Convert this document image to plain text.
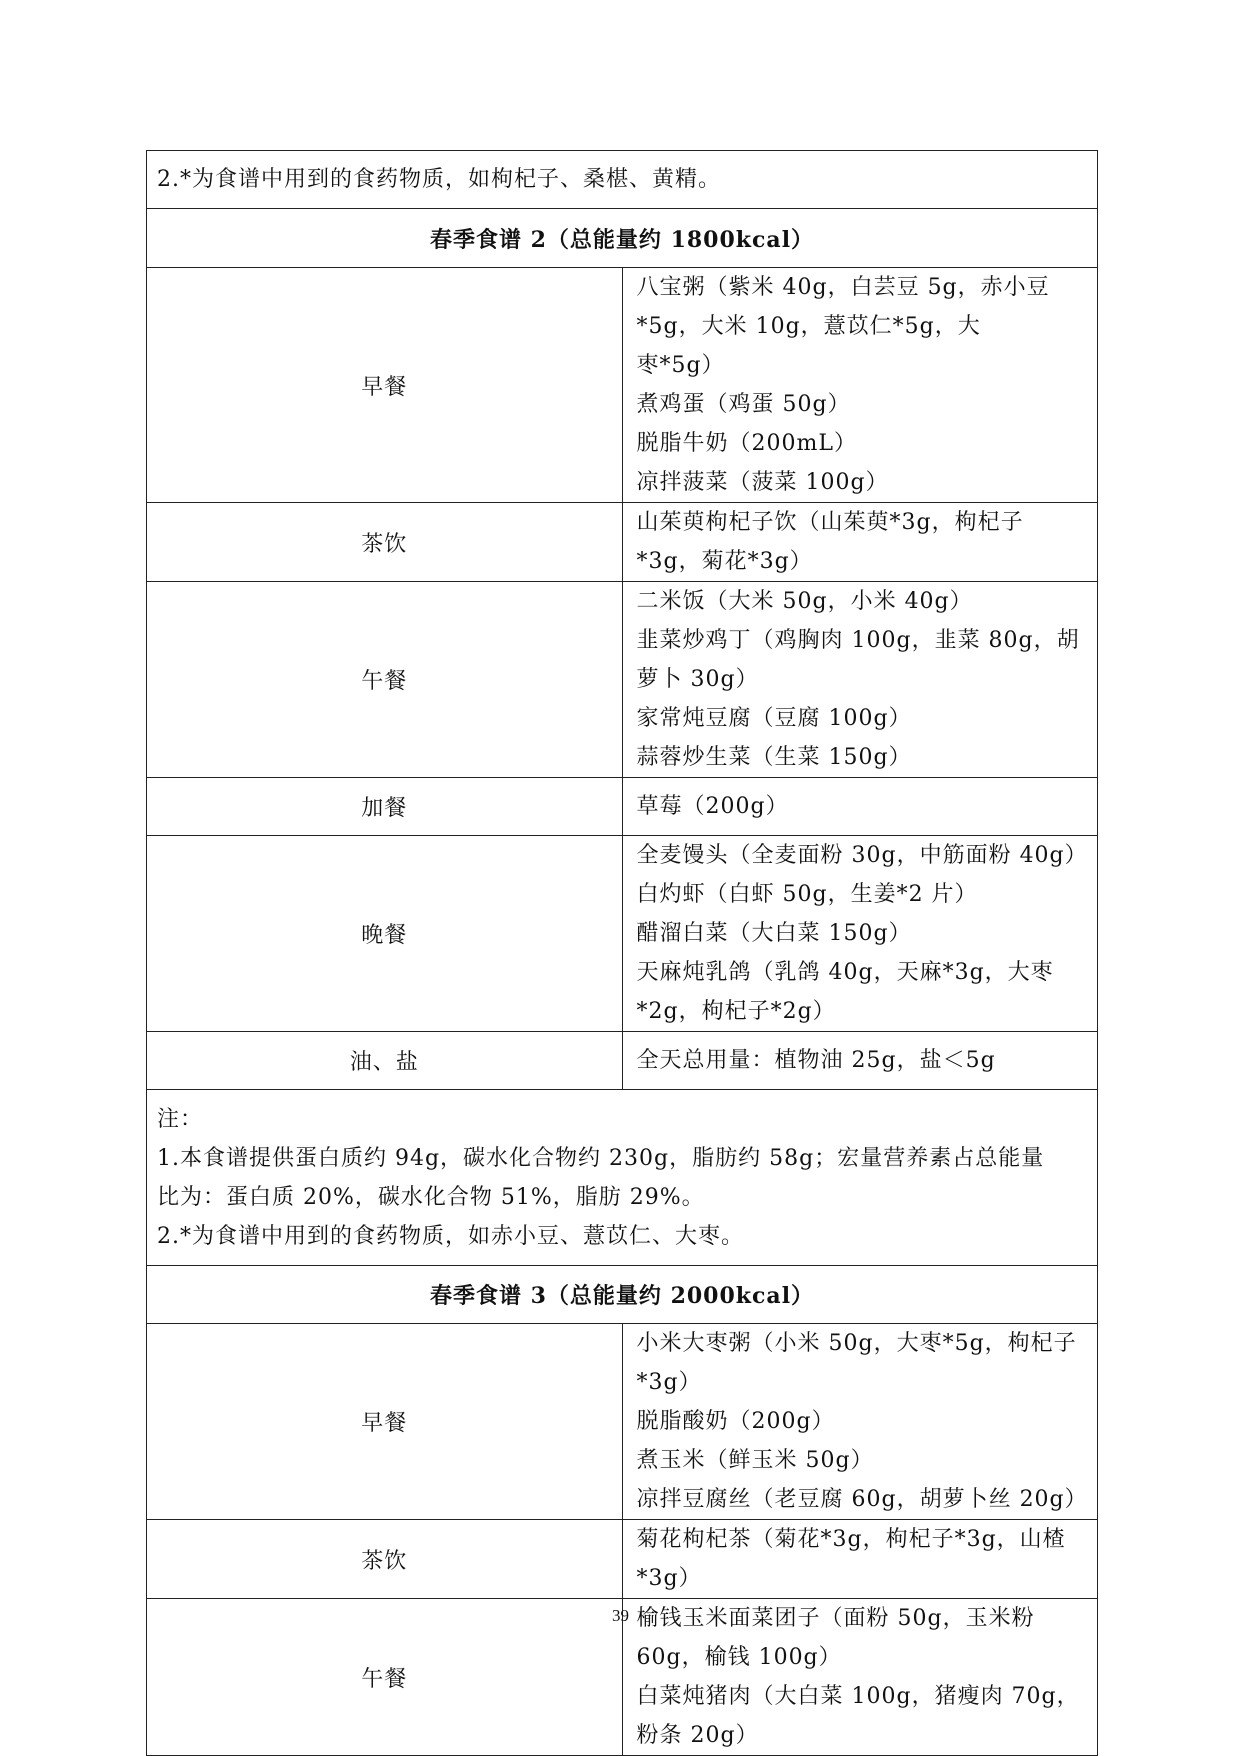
2.*为食谱中用到的食药物质，如枸杞子、桑椹、黄精。	

春季食谱 2（总能量约 1800kcal）	
早餐	八宝粥（紫米 40g，白芸豆 5g，赤小豆*5g，大米 10g，薏苡仁*5g，大
枣*5g）
煮鸡蛋（鸡蛋 50g）
脱脂牛奶（200mL）
凉拌菠菜（菠菜 100g）

茶饮	山茱萸枸杞子饮（山茱萸*3g，枸杞子*3g，菊花*3g）

午餐	二米饭（大米 50g，小米 40g）
韭菜炒鸡丁（鸡胸肉 100g，韭菜 80g，胡萝卜 30g）
家常炖豆腐（豆腐 100g）
蒜蓉炒生菜（生菜 150g）

加餐	草莓（200g）

晚餐	全麦馒头（全麦面粉 30g，中筋面粉 40g）
白灼虾（白虾 50g，生姜*2 片）
醋溜白菜（大白菜 150g）
天麻炖乳鸽（乳鸽 40g，天麻*3g，大枣*2g，枸杞子*2g）

油、盐	全天总用量：植物油 25g，盐＜5g

注：
1.本食谱提供蛋白质约 94g，碳水化合物约 230g，脂肪约 58g；宏量营养素占总能量
比为：蛋白质 20%，碳水化合物 51%，脂肪 29%。
2.*为食谱中用到的食药物质，如赤小豆、薏苡仁、大枣。	

春季食谱 3（总能量约 2000kcal）	
早餐	小米大枣粥（小米 50g，大枣*5g，枸杞子*3g）
脱脂酸奶（200g）
煮玉米（鲜玉米 50g）
凉拌豆腐丝（老豆腐 60g，胡萝卜丝 20g）

茶饮	菊花枸杞茶（菊花*3g，枸杞子*3g，山楂*3g）

午餐	榆钱玉米面菜团子（面粉 50g，玉米粉 60g，榆钱 100g）
白菜炖猪肉（大白菜 100g，猪瘦肉 70g，粉条 20g）
39
